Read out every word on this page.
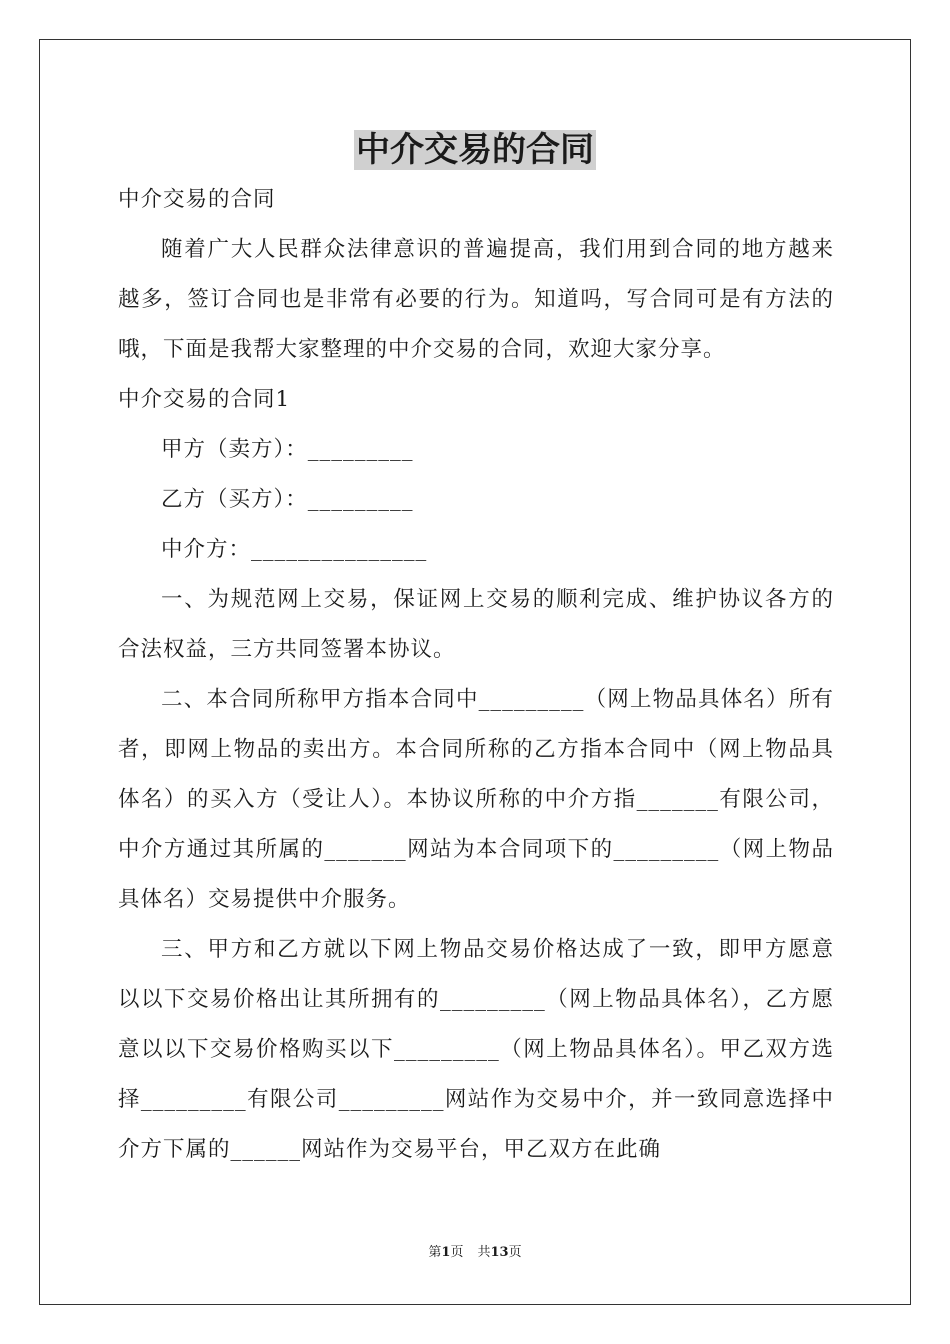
中介交易的合同

中介交易的合同

随着广大人民群众法律意识的普遍提高，我们用到合同的地方越来越多，签订合同也是非常有必要的行为。知道吗，写合同可是有方法的哦，下面是我帮大家整理的中介交易的合同，欢迎大家分享。

中介交易的合同1

甲方（卖方）：_________

乙方（买方）：_________

中介方：_______________

一、为规范网上交易，保证网上交易的顺利完成、维护协议各方的合法权益，三方共同签署本协议。

二、本合同所称甲方指本合同中_________（网上物品具体名）所有者，即网上物品的卖出方。本合同所称的乙方指本合同中（网上物品具体名）的买入方（受让人）。本协议所称的中介方指_______有限公司，中介方通过其所属的_______网站为本合同项下的_________（网上物品具体名）交易提供中介服务。

三、甲方和乙方就以下网上物品交易价格达成了一致，即甲方愿意以以下交易价格出让其所拥有的_________（网上物品具体名），乙方愿意以以下交易价格购买以下_________（网上物品具体名）。甲乙双方选择_________有限公司_________网站作为交易中介，并一致同意选择中介方下属的______网站作为交易平台，甲乙双方在此确

第1页 共13页
